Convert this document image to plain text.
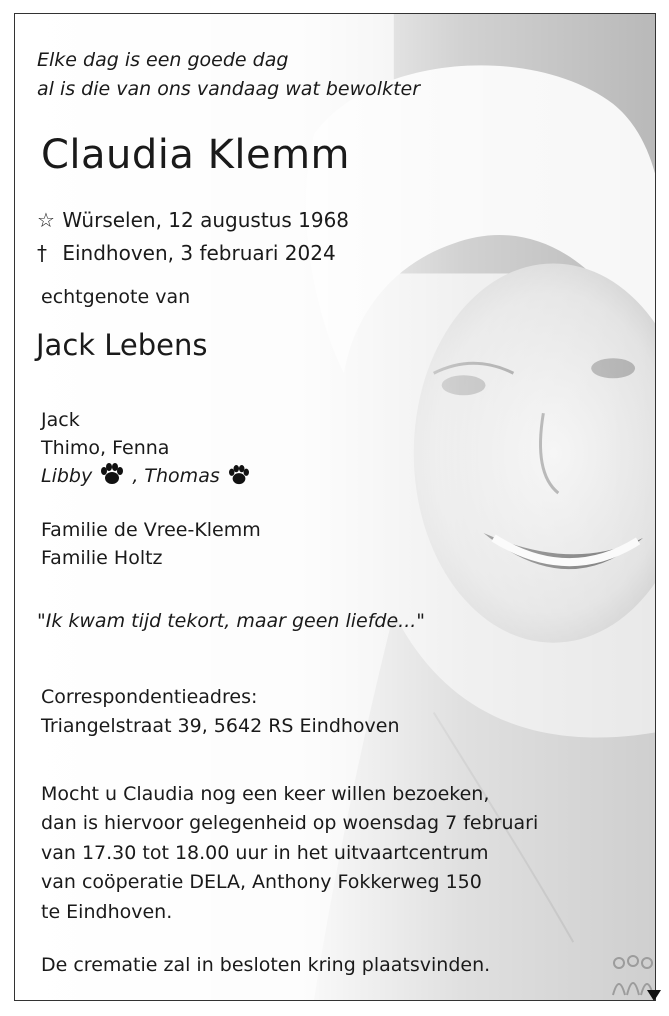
Elke dag is een goede dag
al is die van ons vandaag wat bewolkter

Claudia Klemm
☆ Würselen, 12 augustus 1968
† Eindhoven, 3 februari 2024
echtgenote van
Jack Lebens
Jack
Thimo, Fenna
Libby , Thomas
Familie de Vree-Klemm
Familie Holtz
"Ik kwam tijd tekort, maar geen liefde..."
Correspondentieadres:
Triangelstraat 39, 5642 RS Eindhoven
Mocht u Claudia nog een keer willen bezoeken,
dan is hiervoor gelegenheid op woensdag 7 februari
van 17.30 tot 18.00 uur in het uitvaartcentrum
van coöperatie DELA, Anthony Fokkerweg 150
te Eindhoven.
De crematie zal in besloten kring plaatsvinden.
